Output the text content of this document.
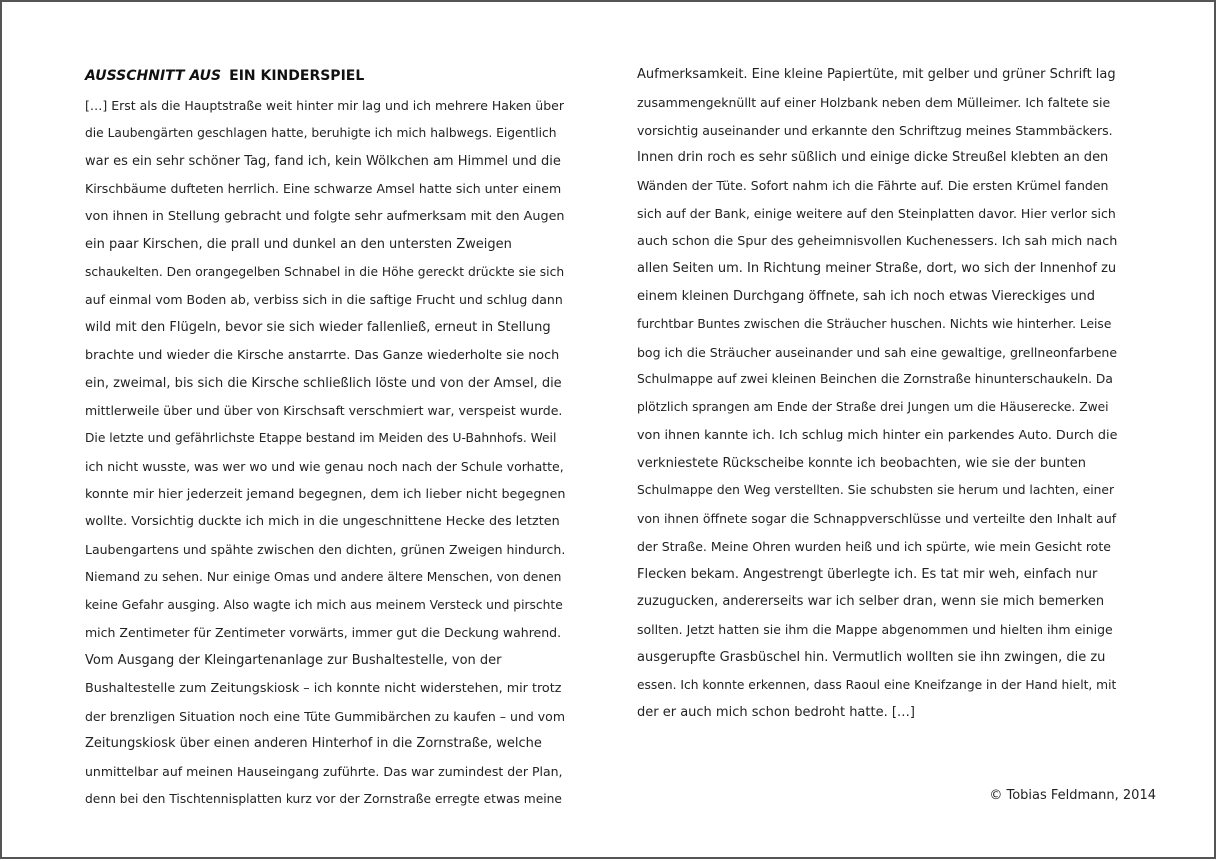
AUSSCHNITT AUS EIN KINDERSPIEL
[…] Erst als die Hauptstraße weit hinter mir lag und ich mehrere Haken über
die Laubengärten geschlagen hatte, beruhigte ich mich halbwegs. Eigentlich
war es ein sehr schöner Tag, fand ich, kein Wölkchen am Himmel und die
Kirschbäume dufteten herrlich. Eine schwarze Amsel hatte sich unter einem
von ihnen in Stellung gebracht und folgte sehr aufmerksam mit den Augen
ein paar Kirschen, die prall und dunkel an den untersten Zweigen
schaukelten. Den orangegelben Schnabel in die Höhe gereckt drückte sie sich
auf einmal vom Boden ab, verbiss sich in die saftige Frucht und schlug dann
wild mit den Flügeln, bevor sie sich wieder fallenließ, erneut in Stellung
brachte und wieder die Kirsche anstarrte. Das Ganze wiederholte sie noch
ein, zweimal, bis sich die Kirsche schließlich löste und von der Amsel, die
mittlerweile über und über von Kirschsaft verschmiert war, verspeist wurde.
Die letzte und gefährlichste Etappe bestand im Meiden des U-Bahnhofs. Weil
ich nicht wusste, was wer wo und wie genau noch nach der Schule vorhatte,
konnte mir hier jederzeit jemand begegnen, dem ich lieber nicht begegnen
wollte. Vorsichtig duckte ich mich in die ungeschnittene Hecke des letzten
Laubengartens und spähte zwischen den dichten, grünen Zweigen hindurch.
Niemand zu sehen. Nur einige Omas und andere ältere Menschen, von denen
keine Gefahr ausging. Also wagte ich mich aus meinem Versteck und pirschte
mich Zentimeter für Zentimeter vorwärts, immer gut die Deckung wahrend.
Vom Ausgang der Kleingartenanlage zur Bushaltestelle, von der
Bushaltestelle zum Zeitungskiosk – ich konnte nicht widerstehen, mir trotz
der brenzligen Situation noch eine Tüte Gummibärchen zu kaufen – und vom
Zeitungskiosk über einen anderen Hinterhof in die Zornstraße, welche
unmittelbar auf meinen Hauseingang zuführte. Das war zumindest der Plan,
denn bei den Tischtennisplatten kurz vor der Zornstraße erregte etwas meine
Aufmerksamkeit. Eine kleine Papiertüte, mit gelber und grüner Schrift lag
zusammengeknüllt auf einer Holzbank neben dem Mülleimer. Ich faltete sie
vorsichtig auseinander und erkannte den Schriftzug meines Stammbäckers.
Innen drin roch es sehr süßlich und einige dicke Streußel klebten an den
Wänden der Tüte. Sofort nahm ich die Fährte auf. Die ersten Krümel fanden
sich auf der Bank, einige weitere auf den Steinplatten davor. Hier verlor sich
auch schon die Spur des geheimnisvollen Kuchenessers. Ich sah mich nach
allen Seiten um. In Richtung meiner Straße, dort, wo sich der Innenhof zu
einem kleinen Durchgang öffnete, sah ich noch etwas Viereckiges und
furchtbar Buntes zwischen die Sträucher huschen. Nichts wie hinterher. Leise
bog ich die Sträucher auseinander und sah eine gewaltige, grellneonfarbene
Schulmappe auf zwei kleinen Beinchen die Zornstraße hinunterschaukeln. Da
plötzlich sprangen am Ende der Straße drei Jungen um die Häuserecke. Zwei
von ihnen kannte ich. Ich schlug mich hinter ein parkendes Auto. Durch die
verkniestete Rückscheibe konnte ich beobachten, wie sie der bunten
Schulmappe den Weg verstellten. Sie schubsten sie herum und lachten, einer
von ihnen öffnete sogar die Schnappverschlüsse und verteilte den Inhalt auf
der Straße. Meine Ohren wurden heiß und ich spürte, wie mein Gesicht rote
Flecken bekam. Angestrengt überlegte ich. Es tat mir weh, einfach nur
zuzugucken, andererseits war ich selber dran, wenn sie mich bemerken
sollten. Jetzt hatten sie ihm die Mappe abgenommen und hielten ihm einige
ausgerupfte Grasbüschel hin. Vermutlich wollten sie ihn zwingen, die zu
essen. Ich konnte erkennen, dass Raoul eine Kneifzange in der Hand hielt, mit
der er auch mich schon bedroht hatte. […]
© Tobias Feldmann, 2014
